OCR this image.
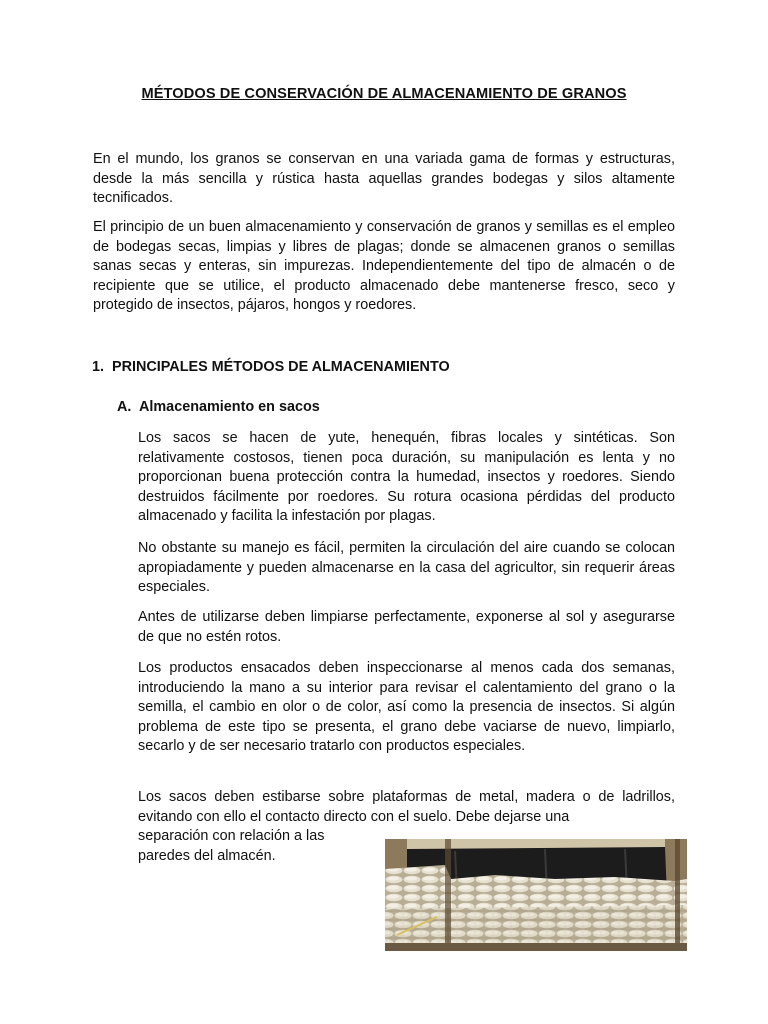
MÉTODOS DE CONSERVACIÓN DE ALMACENAMIENTO DE GRANOS

En el mundo, los granos se conservan en una variada gama de formas y estructuras, desde la más sencilla y rústica hasta aquellas grandes bodegas y silos altamente tecnificados.

El principio de un buen almacenamiento y conservación de granos y semillas es el empleo de bodegas secas, limpias y libres de plagas; donde se almacenen granos o semillas sanas secas y enteras, sin impurezas. Independientemente del tipo de almacén o de recipiente que se utilice, el producto almacenado debe mantenerse fresco, seco y protegido de insectos, pájaros, hongos y roedores.

1. PRINCIPALES MÉTODOS DE ALMACENAMIENTO
A. Almacenamiento en sacos

Los sacos se hacen de yute, henequén, fibras locales y sintéticas. Son relativamente costosos, tienen poca duración, su manipulación es lenta y no proporcionan buena protección contra la humedad, insectos y roedores. Siendo destruidos fácilmente por roedores. Su rotura ocasiona pérdidas del producto almacenado y facilita la infestación por plagas.

No obstante su manejo es fácil, permiten la circulación del aire cuando se colocan apropiadamente y pueden almacenarse en la casa del agricultor, sin requerir áreas especiales.

Antes de utilizarse deben limpiarse perfectamente, exponerse al sol y asegurarse de que no estén rotos.

Los productos ensacados deben inspeccionarse al menos cada dos semanas, introduciendo la mano a su interior para revisar el calentamiento del grano o la semilla, el cambio en olor o de color, así como la presencia de insectos. Si algún problema de este tipo se presenta, el grano debe vaciarse de nuevo, limpiarlo, secarlo y de ser necesario tratarlo con productos especiales.

Los sacos deben estibarse sobre plataformas de metal, madera o de ladrillos, evitando con ello el contacto directo con el suelo. Debe dejarse una

separación con relación a las

paredes del almacén.
